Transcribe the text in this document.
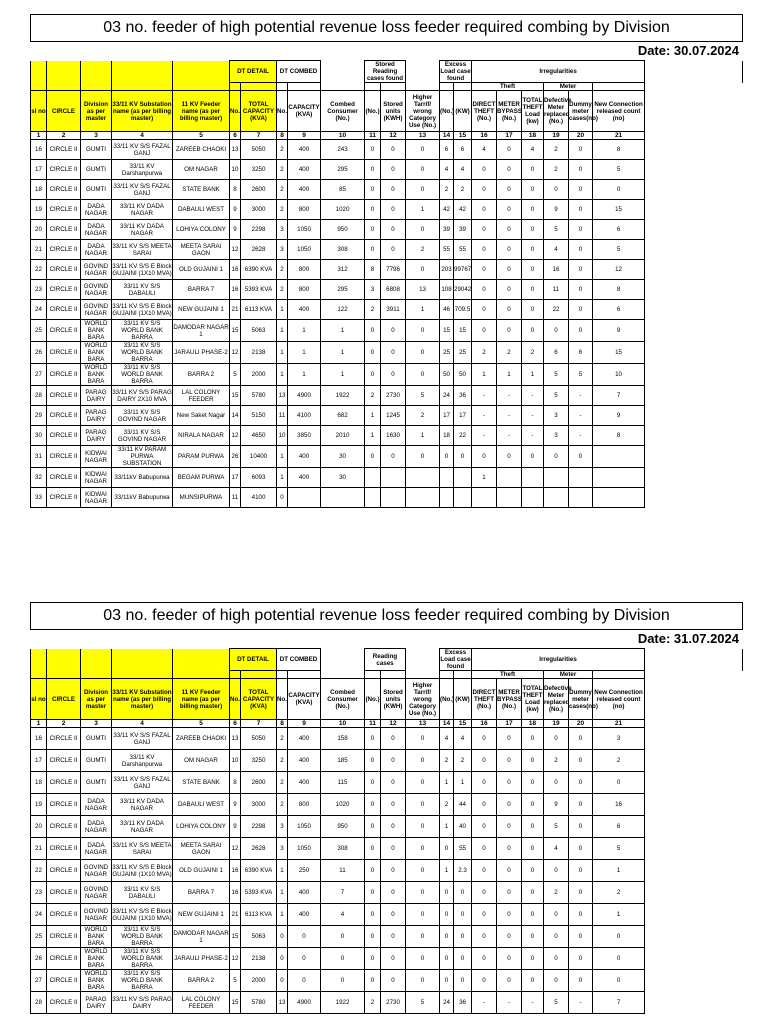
03 no. feeder of high potential revenue loss feeder required combing by Division
Date: 30.07.2024
					DT DETAIL		DT COMBED			Stored Reading cases found			Excess Load case found		Irregularities						
															Theft			Meter			
sl no	CIRCLE	Division as per master	33/11 KV Substation name (as per billing master)	11 KV Feeder name (as per billing master)	No.	TOTAL CAPACITY (KVA)	No.	CAPACITY (KVA)	Combed Consumer (No.)	(No.)	Stored units (KWH)	Higher Tarrif/ wrong Category Use (No.)	(No.)	(KW)	DIRECT THEFT (No.)	METER BYPASS (No.)	TOTAL THEFT Load (kw)	Defective Meter replaced (No.)	Dummy meter cases(no)	New Connection released count (no)	
1	2	3	4	5	6	7	8	9	10	11	12	13	14	15	16	17	18	19	20	21	
16	CIRCLE II	GUMTI	33/11 KV S/S FAZAL GANJ	ZAREEB CHAOKI	13	5050	2	400	243	0	0	0	6	6	4	0	4	2	0	8	
17	CIRCLE II	GUMTI	33/11 KV Darshanpurwa	OM NAGAR	10	3250	2	400	295	0	0	0	4	4	0	0	0	2	0	5	
18	CIRCLE II	GUMTI	33/11 KV S/S FAZAL GANJ	STATE BANK	8	2600	2	400	85	0	0	0	2	2	0	0	0	0	0	0	
19	CIRCLE II	DADA NAGAR	33/11 KV DADA NAGAR	DABAULI WEST	9	3000	2	800	1020	0	0	1	42	42	0	0	0	9	0	15	
20	CIRCLE II	DADA NAGAR	33/11 KV DADA NAGAR	LOHIYA COLONY	9	2298	3	1050	950	0	0	0	39	39	0	0	0	5	0	6	
21	CIRCLE II	DADA NAGAR	33/11 KV S/S MEETA SARAI	MEETA SARAI GAON	12	2628	3	1050	308	0	0	2	55	55	0	0	0	4	0	5	
22	CIRCLE II	GOVIND NAGAR	33/11 KV S/S E Block GUJAINI (1X10 MVA)	OLD GUJAINI 1	16	6390 KVA	2	800	312	8	7796	0	203	99767	0	0	0	16	0	12	
23	CIRCLE II	GOVIND NAGAR	33/11 KV S/S DABAULI	BARRA 7	16	5393 KVA	2	800	295	3	6808	13	108	29042	0	0	0	11	0	8	
24	CIRCLE II	GOVIND NAGAR	33/11 KV S/S E Block GUJAINI (1X10 MVA)	NEW GUJAINI 1	21	6113 KVA	1	400	122	2	3911	1	46	709.5	0	0	0	22	0	6	
25	CIRCLE II	WORLD BANK BARA	33/11 KV S/S WORLD BANK BARRA	DAMODAR NAGAR 1	15	5063	1	1	1	0	0	0	15	15	0	0	0	0	0	9	
26	CIRCLE II	WORLD BANK BARA	33/11 KV S/S WORLD BANK BARRA	JARAULI PHASE-2	12	2138	1	1	1	0	0	0	25	25	2	2	2	6	6	15	
27	CIRCLE II	WORLD BANK BARA	33/11 KV S/S WORLD BANK BARRA	BARRA 2	5	2000	1	1	1	0	0	0	50	50	1	1	1	5	5	10	
28	CIRCLE II	PARAG DAIRY	33/11 KV S/S PARAG DAIRY 2X10 MVA	LAL COLONY FEEDER	15	5780	13	4900	1922	2	2730	5	24	36	-	-	-	5	-	7	
29	CIRCLE II	PARAG DAIRY	33/11 KV S/S GOVIND NAGAR	New Saket Nagar	14	5150	11	4100	682	1	1245	2	17	17	-	-	-	3	-	9	
30	CIRCLE II	PARAG DAIRY	33/11 KV S/S GOVIND NAGAR	NIRALA NAGAR	12	4650	10	3850	2010	1	1630	1	18	22	-	-	-	3	-	8	
31	CIRCLE II	KIDWAI NAGAR	33/11 KV PARAM PURWA SUBSTATION	PARAM PURWA	26	10400	1	400	30	0	0	0	0	0	0	0	0	0	0		
32	CIRCLE II	KIDWAI NAGAR	33/11kV Babupurwa	BEGAM PURWA	17	6093	1	400	30						1						
33	CIRCLE II	KIDWAI NAGAR	33/11kV Babupurwa	MUNSIPURWA	11	4100	0														
03 no. feeder of high potential revenue loss feeder required combing by Division
Date: 31.07.2024
					DT DETAIL		DT COMBED			Reading cases			Excess Load case found		Irregularities						
															Theft			Meter			
sl no	CIRCLE	Division as per master	33/11 KV Substation name (as per billing master)	11 KV Feeder name (as per billing master)	No.	TOTAL CAPACITY (KVA)	No.	CAPACITY (KVA)	Combed Consumer (No.)	(No.)	Stored units (KWH)	Higher Tarrif/ wrong Category Use (No.)	(No.)	(KW)	DIRECT THEFT (No.)	METER BYPASS (No.)	TOTAL THEFT Load (kw)	Defective Meter replaced (No.)	Dummy meter cases(no)	New Connection released count (no)	
1	2	3	4	5	6	7	8	9	10	11	12	13	14	15	16	17	18	19	20	21	
16	CIRCLE II	GUMTI	33/11 KV S/S FAZAL GANJ	ZAREEB CHAOKI	13	5050	2	400	158	0	0	0	4	4	0	0	0	0	0	3	
17	CIRCLE II	GUMTI	33/11 KV Darshanpurwa	OM NAGAR	10	3250	2	400	185	0	0	0	2	2	0	0	0	2	0	2	
18	CIRCLE II	GUMTI	33/11 KV S/S FAZAL GANJ	STATE BANK	8	2600	2	400	115	0	0	0	1	1	0	0	0	0	0	0	
19	CIRCLE II	DADA NAGAR	33/11 KV DADA NAGAR	DABAULI WEST	9	3000	2	800	1020	0	0	0	2	44	0	0	0	9	0	16	
20	CIRCLE II	DADA NAGAR	33/11 KV DADA NAGAR	LOHIYA COLONY	9	2298	3	1050	950	0	0	0	1	40	0	0	0	5	0	6	
21	CIRCLE II	DADA NAGAR	33/11 KV S/S MEETA SARAI	MEETA SARAI GAON	12	2628	3	1050	308	0	0	0	0	55	0	0	0	4	0	5	
22	CIRCLE II	GOVIND NAGAR	33/11 KV S/S E Block GUJAINI (1X10 MVA)	OLD GUJAINI 1	16	6390 KVA	1	250	11	0	0	0	1	2.3	0	0	0	0	0	1	
23	CIRCLE II	GOVIND NAGAR	33/11 KV S/S DABAULI	BARRA 7	16	5393 KVA	1	400	7	0	0	0	0	0	0	0	0	2	0	2	
24	CIRCLE II	GOVIND NAGAR	33/11 KV S/S E Block GUJAINI (1X10 MVA)	NEW GUJAINI 1	21	6113 KVA	1	400	4	0	0	0	0	0	0	0	0	0	0	1	
25	CIRCLE II	WORLD BANK BARA	33/11 KV S/S WORLD BANK BARRA	DAMODAR NAGAR 1	15	5063	0	0	0	0	0	0	0	0	0	0	0	0	0	0	
26	CIRCLE II	WORLD BANK BARA	33/11 KV S/S WORLD BANK BARRA	JARAULI PHASE-2	12	2138	0	0	0	0	0	0	0	0	0	0	0	0	0	0	
27	CIRCLE II	WORLD BANK BARA	33/11 KV S/S WORLD BANK BARRA	BARRA 2	5	2000	0	0	0	0	0	0	0	0	0	0	0	0	0	0	
28	CIRCLE II	PARAG DAIRY	33/11 KV S/S PARAG DAIRY	LAL COLONY FEEDER	15	5780	13	4900	1922	2	2730	5	24	36	-	-	-	5	-	7	
